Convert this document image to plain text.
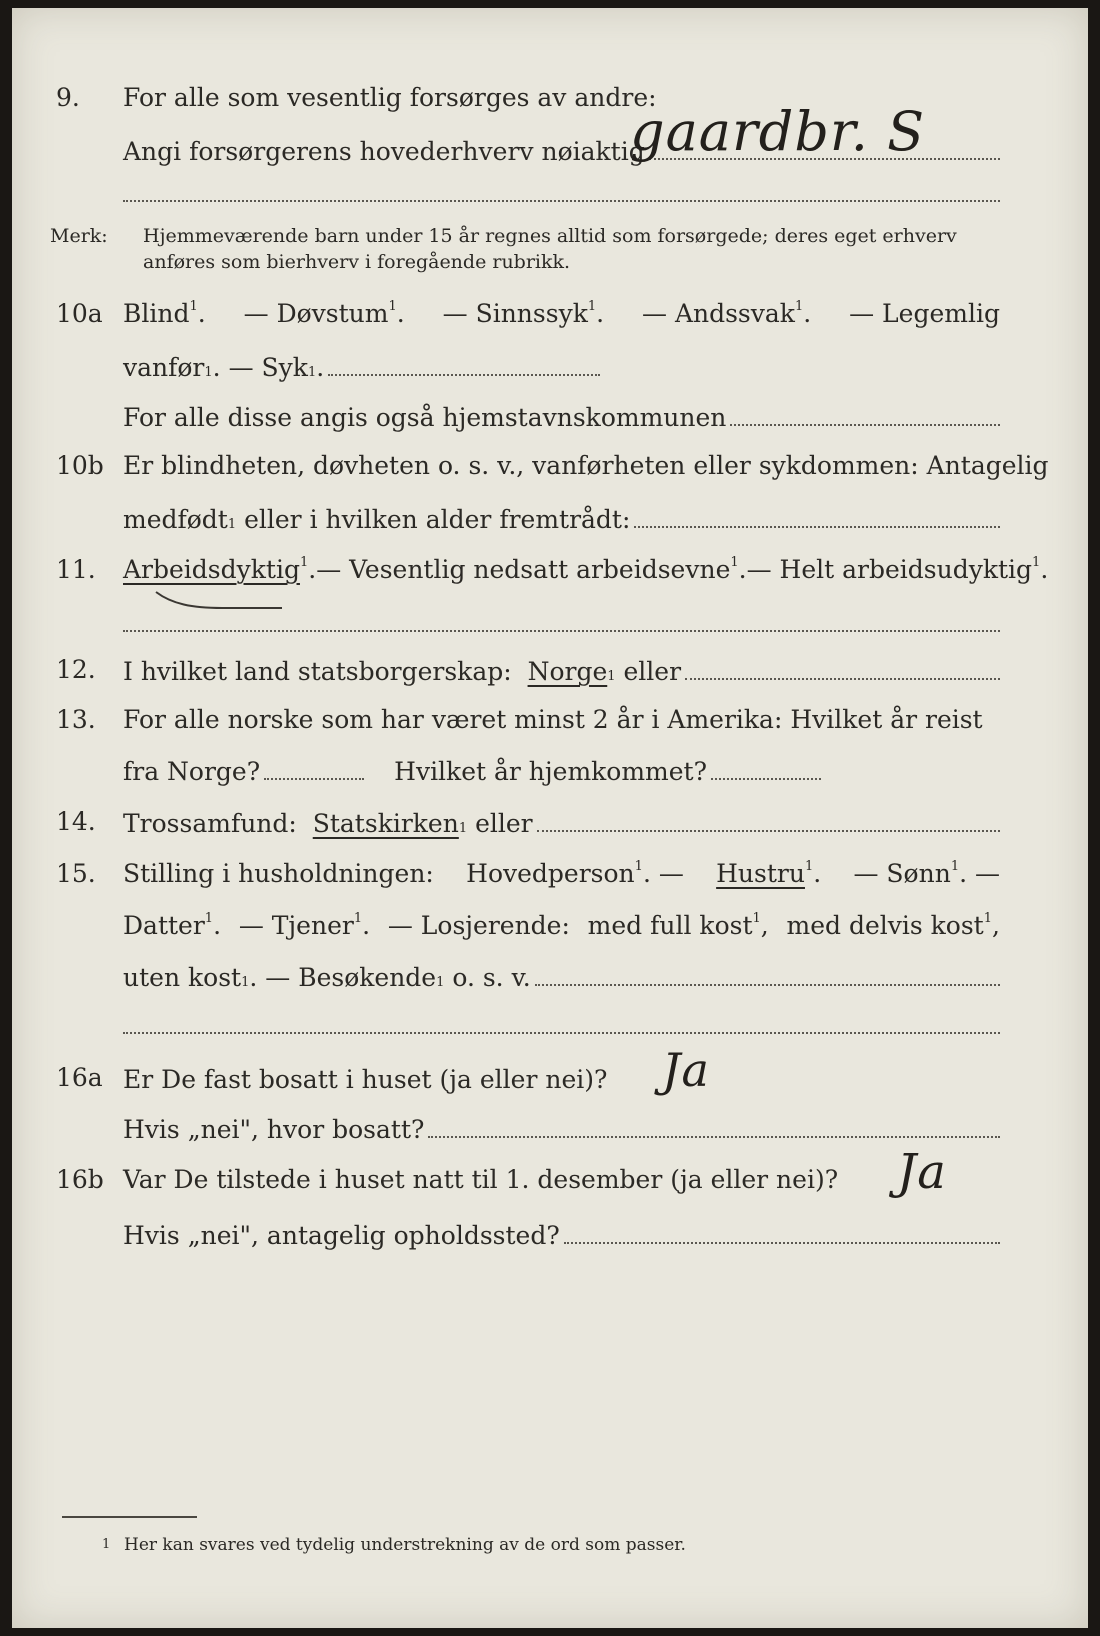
9. For alle som vesentlig forsørges av andre:
Angi forsørgerens hovederhverv nøiaktig
gaardbr. S
Merk: Hjemmeværende barn under 15 år regnes alltid som forsørgede; deres eget erhverv
anføres som bierhverv i foregående rubrikk.
10a Blind$^1$. — Døvstum$^1$. — Sinnssyk$^1$. — Andssvak$^1$. — Legemlig
vanfør 1 . — Syk 1 .
For alle disse angis også hjemstavnskommunen
10b Er blindheten, døvheten o. s. v., vanførheten eller sykdommen: Antagelig
medfødt 1
eller i hvilken alder fremtrådt:
11. Arbeidsdyktig$^1$. — Vesentlig nedsatt arbeidsevne$^1$. — Helt arbeidsudyktig$^1$.
12. I hvilket land statsborgerskap:
Norge 1
eller
13. For alle norske som har været minst 2 år i Amerika: Hvilket år reist
fra Norge?	Hvilket år hjemkommet?
14. Trossamfund:
Statskirken 1
eller
15. Stilling i husholdningen: Hovedperson$^1$. — Hustru$^1$. — Sønn$^1$. —
Datter$^1$. — Tjener$^1$. — Losjerende: med full kost$^1$, med delvis kost$^1$,
uten kost 1 . — Besøkende 1
o. s. v.
16a Er De fast bosatt i huset (ja eller nei)? Ja
Hvis „nei", hvor bosatt?
16b Var De tilstede i huset natt til 1. desember (ja eller nei)? Ja
Hvis „nei", antagelig opholdssted?
1 Her kan svares ved tydelig understrekning av de ord som passer.
